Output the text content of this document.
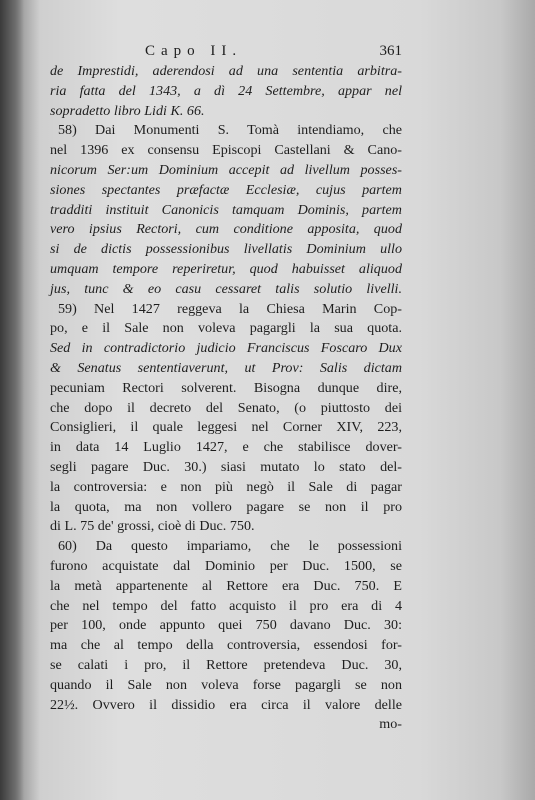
Capo II.	361
de Imprestidi, aderendosi ad una sententia arbitra-
ria fatta del 1343, a dì 24 Settembre, appar nel
sopradetto libro Lidi K. 66.
58) Dai Monumenti S. Tomà intendiamo, che
nel 1396 ex consensu Episcopi Castellani & Cano-
nicorum Ser:um Dominium accepit ad livellum posses-
siones spectantes præfactæ Ecclesiæ, cujus partem
tradditi instituit Canonicis tamquam Dominis, partem
vero ipsius Rectori, cum conditione apposita, quod
si de dictis possessionibus livellatis Dominium ullo
umquam tempore reperiretur, quod habuisset aliquod
jus, tunc & eo casu cessaret talis solutio livelli.
59) Nel 1427 reggeva la Chiesa Marin Cop-
po, e il Sale non voleva pagargli la sua quota.
Sed in contradictorio judicio Franciscus Foscaro Dux
& Senatus sententiaverunt, ut Prov: Salis dictam
pecuniam Rectori solverent. Bisogna dunque dire,
che dopo il decreto del Senato, (o piuttosto dei
Consiglieri, il quale leggesi nel Corner XIV, 223,
in data 14 Luglio 1427, e che stabilisce dover-
segli pagare Duc. 30.) siasi mutato lo stato del-
la controversia: e non più negò il Sale di pagar
la quota, ma non vollero pagare se non il pro
di L. 75 de' grossi, cioè di Duc. 750.
60) Da questo impariamo, che le possessioni
furono acquistate dal Dominio per Duc. 1500, se
la metà appartenente al Rettore era Duc. 750. E
che nel tempo del fatto acquisto il pro era di 4
per 100, onde appunto quei 750 davano Duc. 30:
ma che al tempo della controversia, essendosi for-
se calati i pro, il Rettore pretendeva Duc. 30,
quando il Sale non voleva forse pagargli se non
22½. Ovvero il dissidio era circa il valore delle
mo-
